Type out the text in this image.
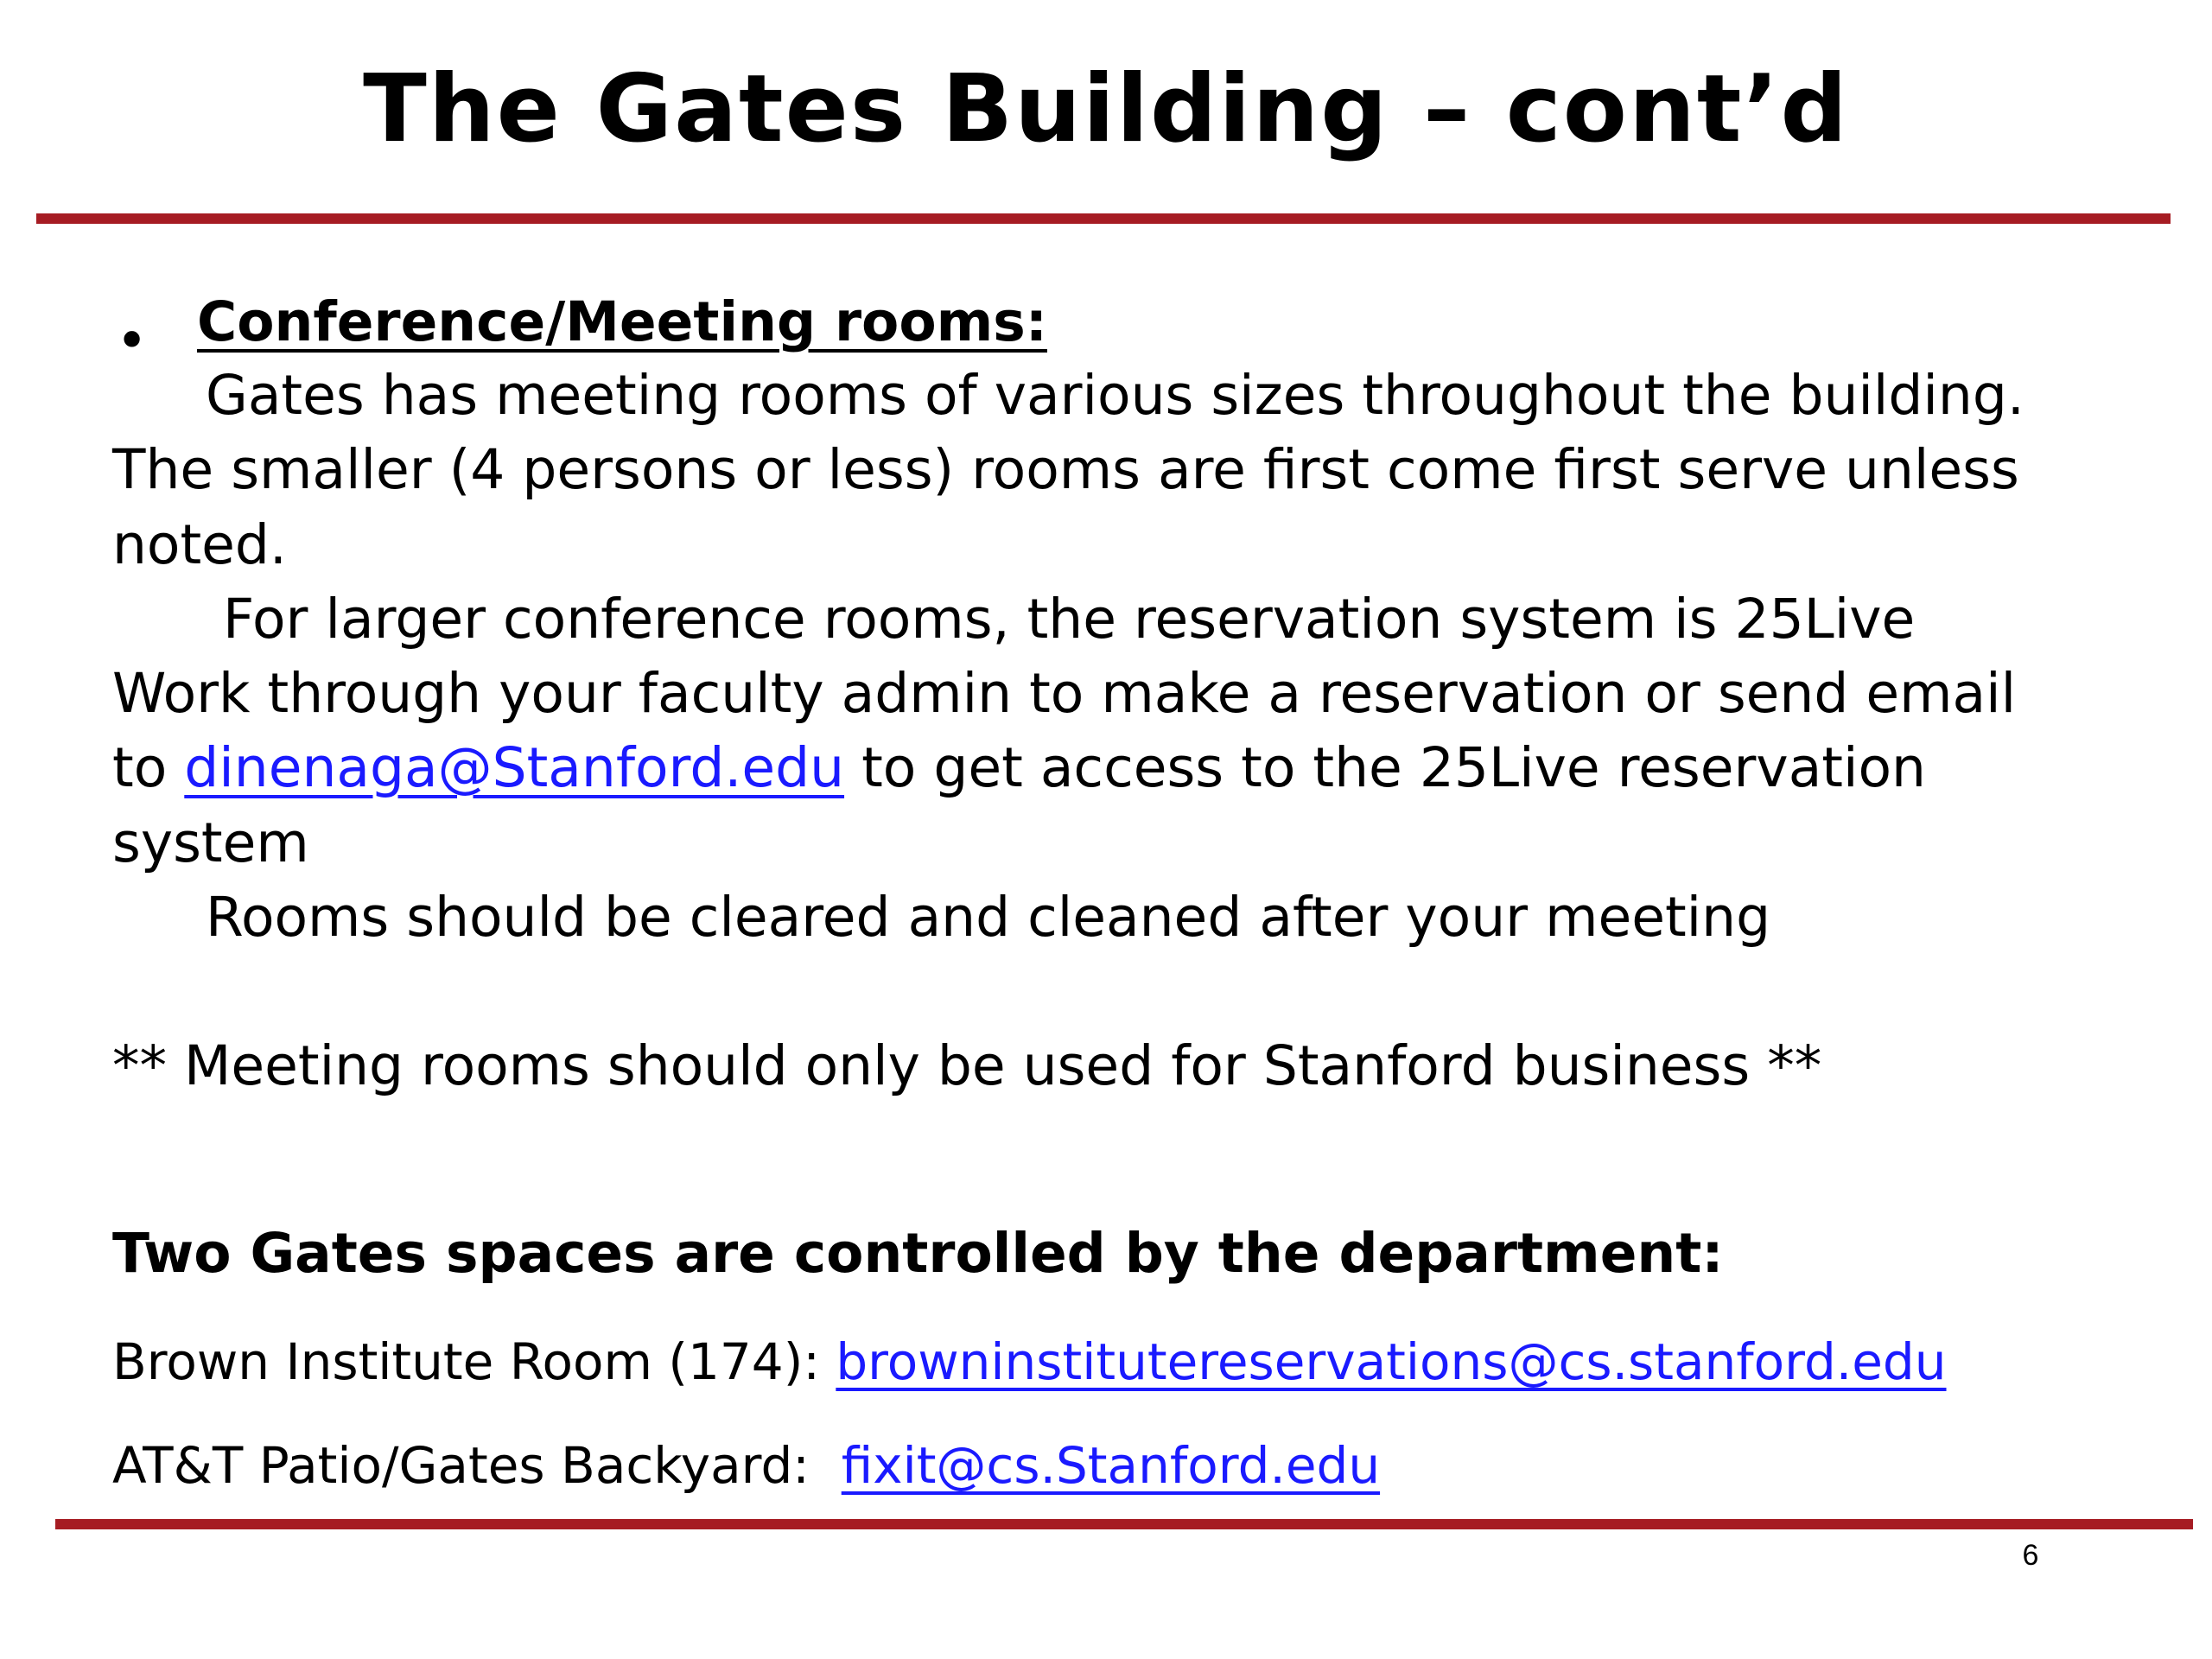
The Gates Building – cont’d
• Conference/Meeting rooms:
Gates has meeting rooms of various sizes throughout the building.
The smaller (4 persons or less) rooms are first come first serve unless
noted.
For larger conference rooms, the reservation system is 25Live
Work through your faculty admin to make a reservation or send email
to dinenaga@Stanford.edu to get access to the 25Live reservation
system
Rooms should be cleared and cleaned after your meeting
** Meeting rooms should only be used for Stanford business **
Two Gates spaces are controlled by the department:
Brown Institute Room (174): browninstitutereservations@cs.stanford.edu
AT&T Patio/Gates Backyard:  fixit@cs.Stanford.edu
6
